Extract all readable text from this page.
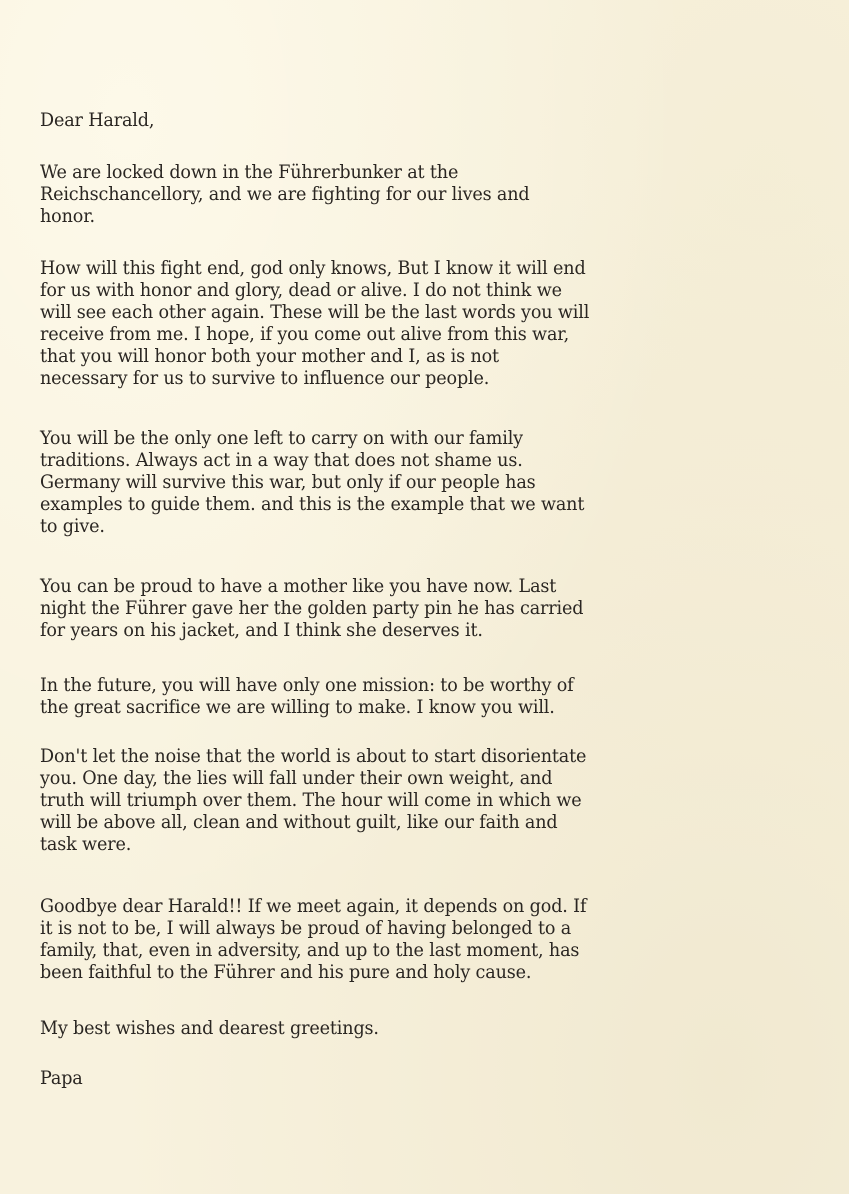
Dear Harald,

We are locked down in the Führerbunker at the

Reichschancellory, and we are fighting for our lives and

honor.

How will this fight end, god only knows, But I know it will end

for us with honor and glory, dead or alive. I do not think we

will see each other again. These will be the last words you will

receive from me. I hope, if you come out alive from this war,

that you will honor both your mother and I, as is not

necessary for us to survive to influence our people.

You will be the only one left to carry on with our family

traditions. Always act in a way that does not shame us.

Germany will survive this war, but only if our people has

examples to guide them. and this is the example that we want

to give.

You can be proud to have a mother like you have now. Last

night the Führer gave her the golden party pin he has carried

for years on his jacket, and I think she deserves it.

In the future, you will have only one mission: to be worthy of

the great sacrifice we are willing to make. I know you will.

Don't let the noise that the world is about to start disorientate

you. One day, the lies will fall under their own weight, and

truth will triumph over them. The hour will come in which we

will be above all, clean and without guilt, like our faith and

task were.

Goodbye dear Harald!! If we meet again, it depends on god. If

it is not to be, I will always be proud of having belonged to a

family, that, even in adversity, and up to the last moment, has

been faithful to the Führer and his pure and holy cause.

My best wishes and dearest greetings.

Papa
